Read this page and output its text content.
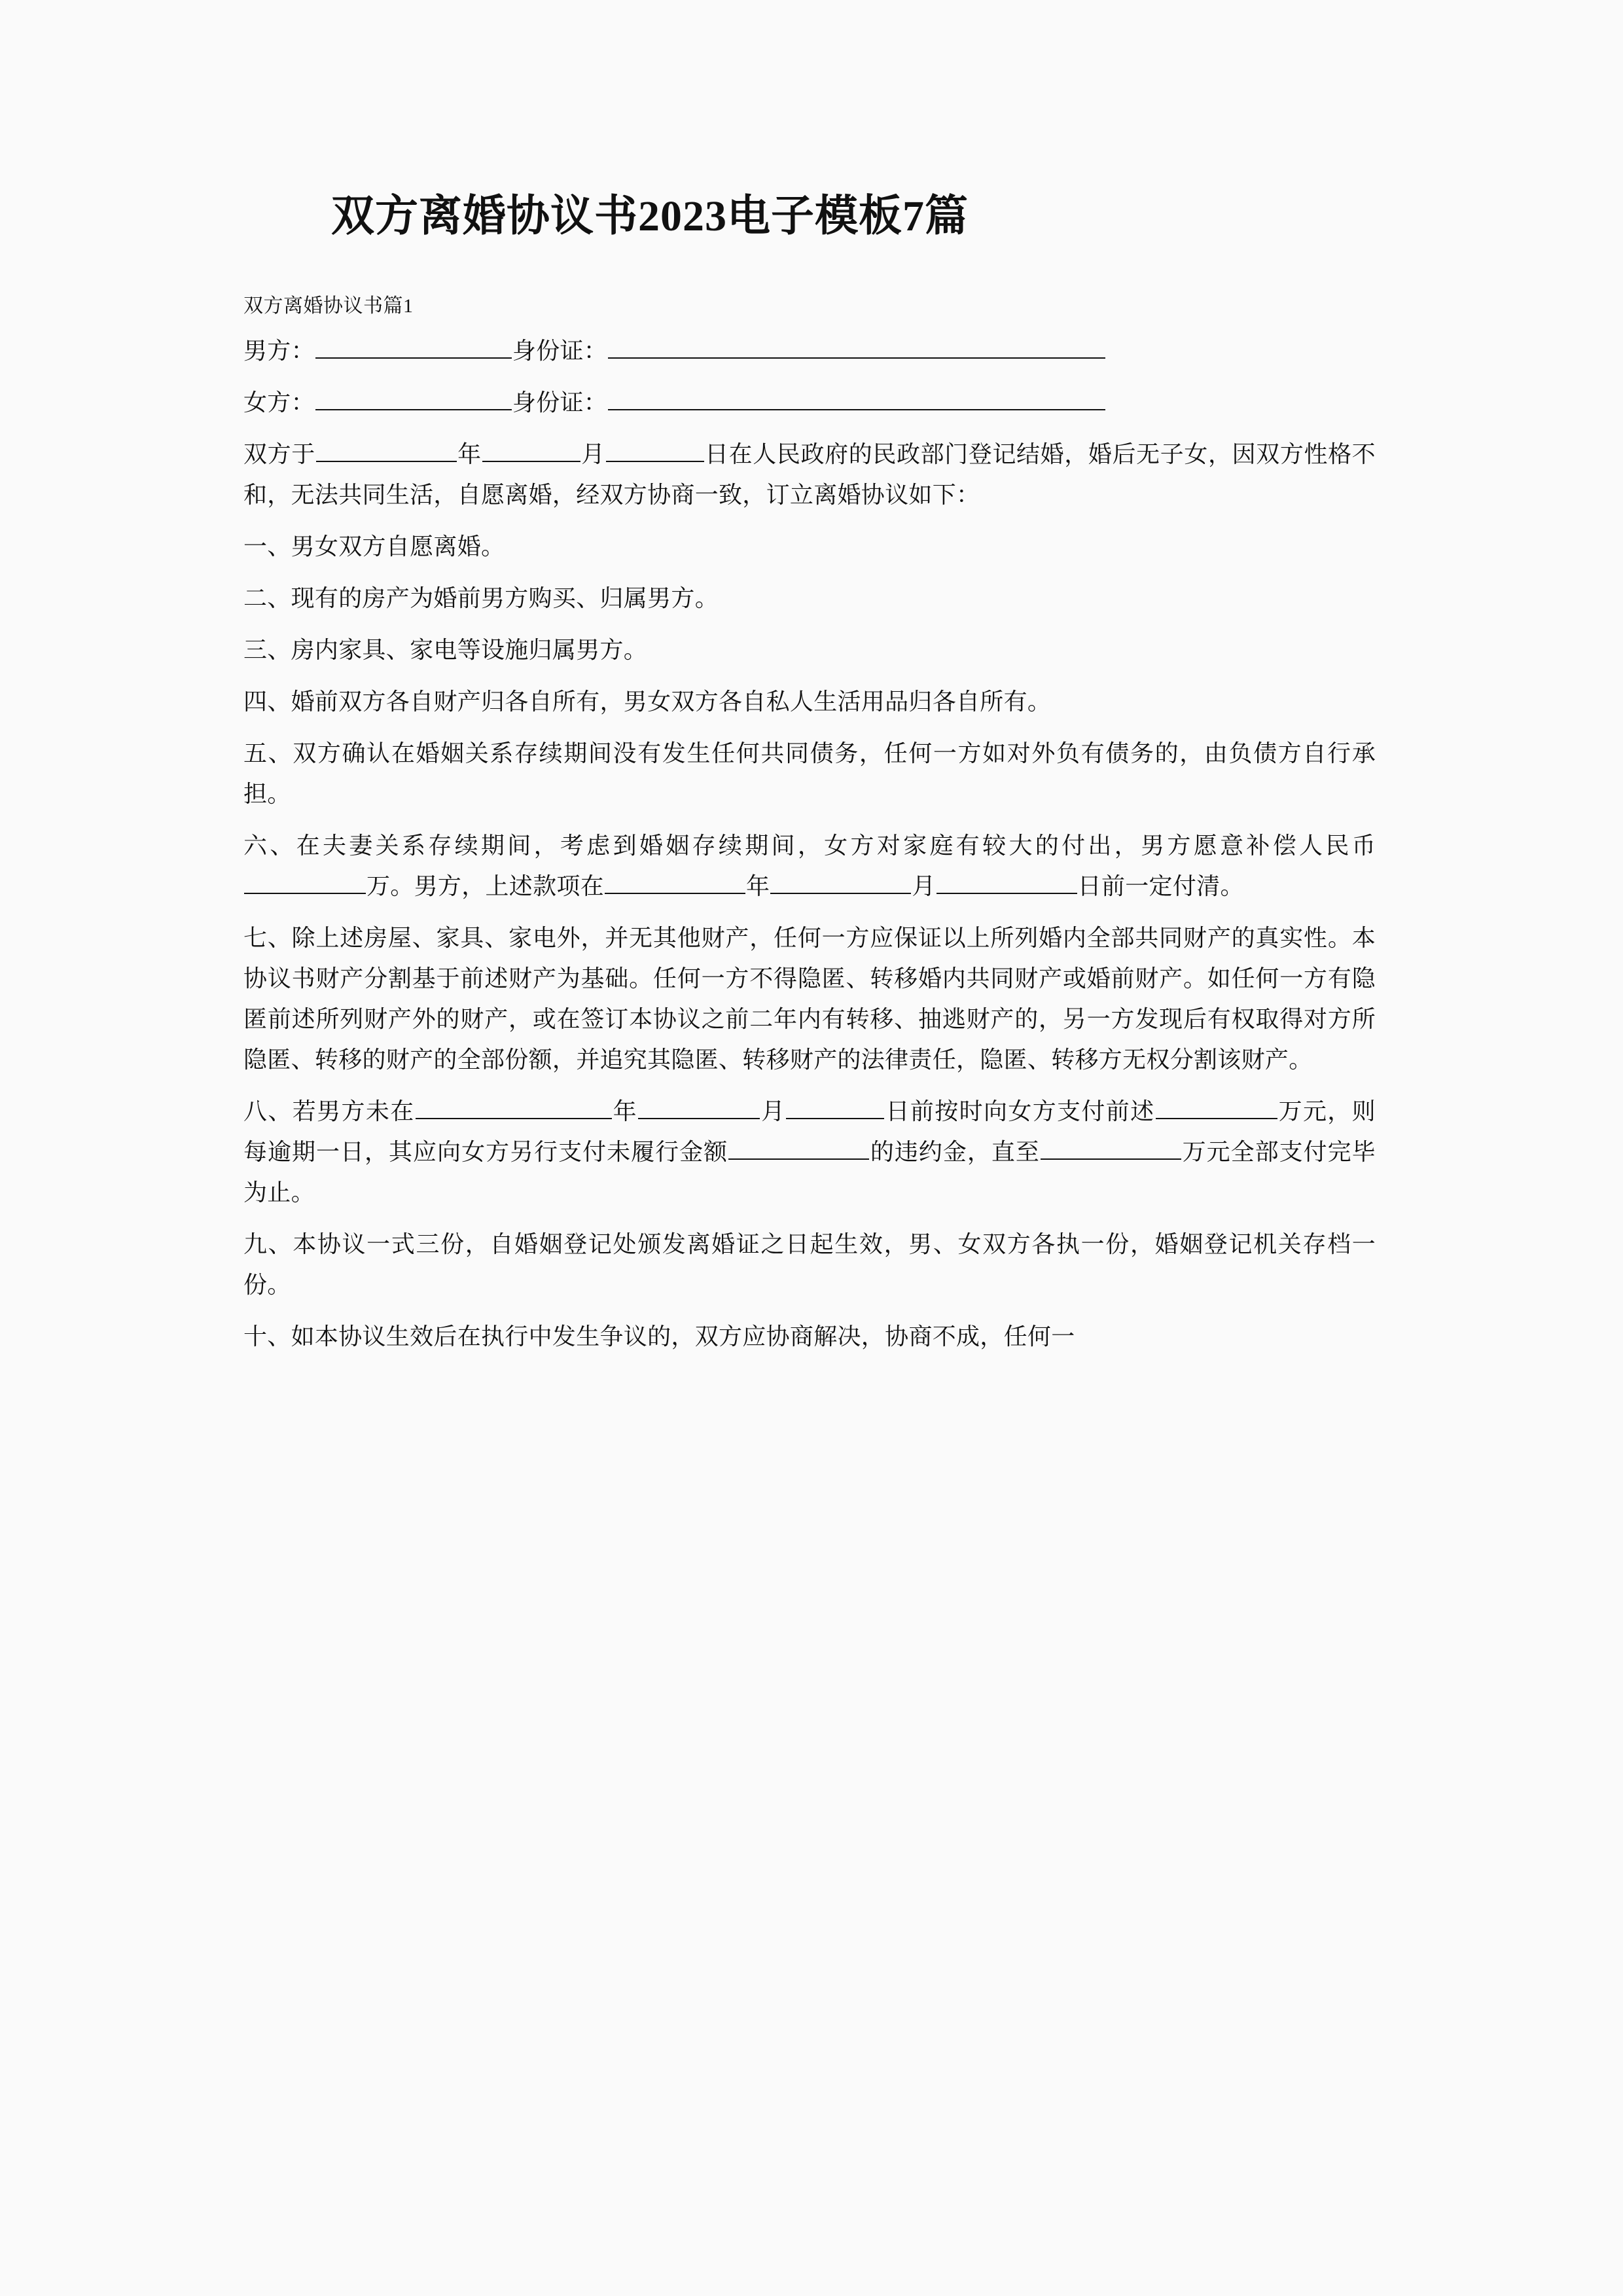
双方离婚协议书2023电子模板7篇

双方离婚协议书篇1

男方：	身份证：

女方：	身份证：

双方于	年	月	日在人民政府的民政部门登记结婚，婚后无子女，因双方性格不和，无法共同生活，自愿离婚，经双方协商一致，订立离婚协议如下：

一、男女双方自愿离婚。

二、现有的房产为婚前男方购买、归属男方。

三、房内家具、家电等设施归属男方。

四、婚前双方各自财产归各自所有，男女双方各自私人生活用品归各自所有。

五、双方确认在婚姻关系存续期间没有发生任何共同债务，任何一方如对外负有债务的，由负债方自行承担。

六、在夫妻关系存续期间，考虑到婚姻存续期间，女方对家庭有较大的付出，男方愿意补偿人民币万。男方，上述款项在	年	月	日前一定付清。

七、除上述房屋、家具、家电外，并无其他财产，任何一方应保证以上所列婚内全部共同财产的真实性。本协议书财产分割基于前述财产为基础。任何一方不得隐匿、转移婚内共同财产或婚前财产。如任何一方有隐匿前述所列财产外的财产，或在签订本协议之前二年内有转移、抽逃财产的，另一方发现后有权取得对方所隐匿、转移的财产的全部份额，并追究其隐匿、转移财产的法律责任，隐匿、转移方无权分割该财产。

八、若男方未在	年	月	日前按时向女方支付前述	万元，则每逾期一日，其应向女方另行支付未履行金额	的违约金，直至	万元全部支付完毕为止。

九、本协议一式三份，自婚姻登记处颁发离婚证之日起生效，男、女双方各执一份，婚姻登记机关存档一份。

十、如本协议生效后在执行中发生争议的，双方应协商解决，协商不成，任何一
